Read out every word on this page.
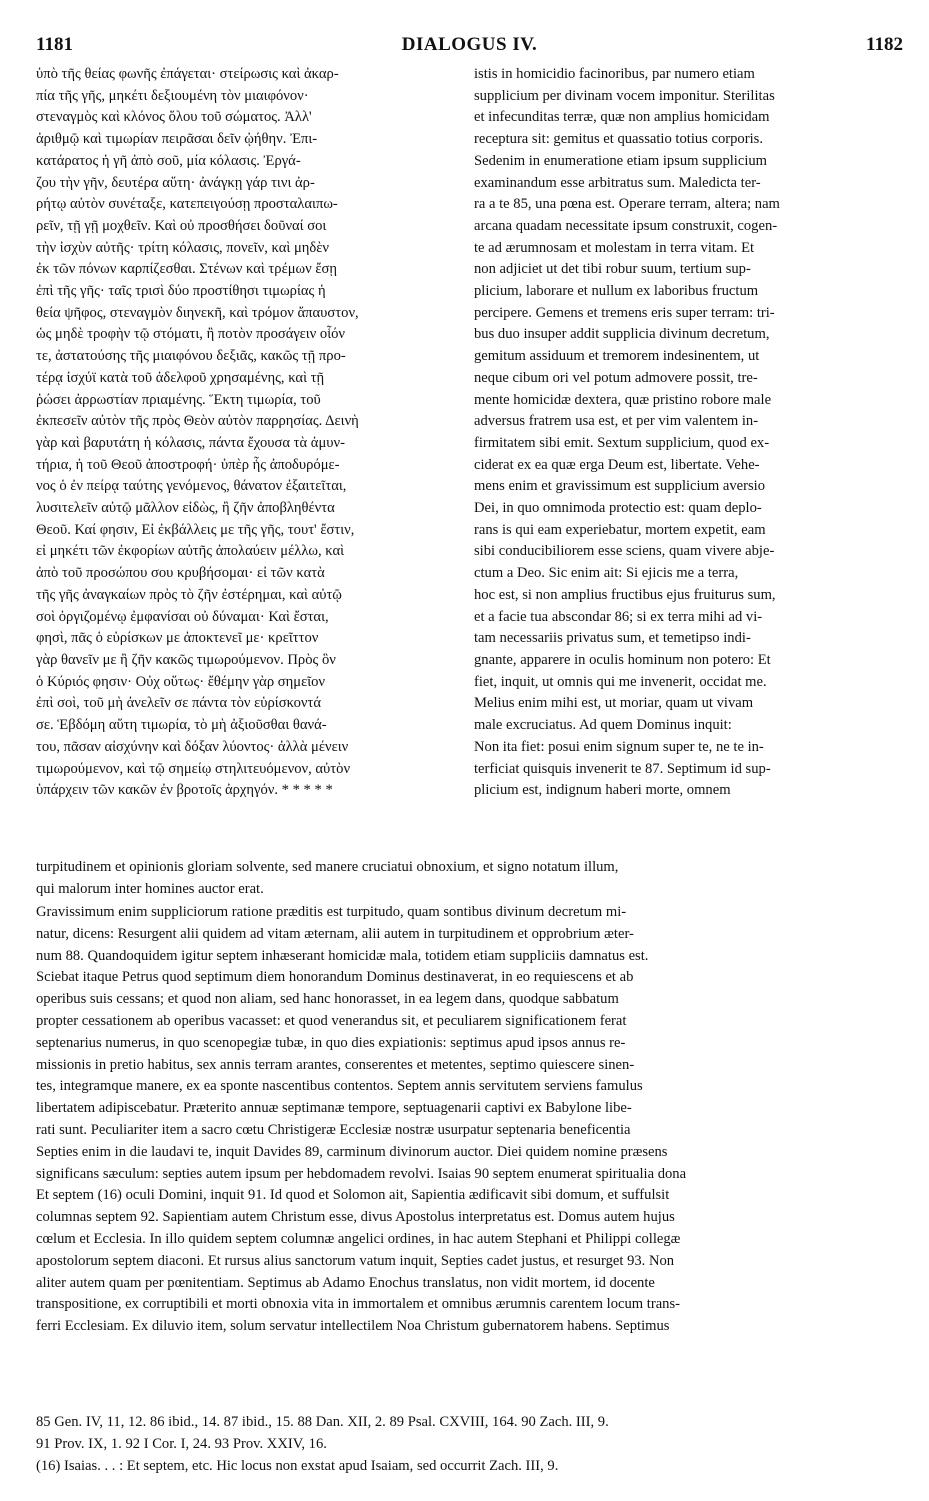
1181	DIALOGUS IV.	1182
ὑπὸ τῆς θείας φωνῆς ἐπάγεται· στείρωσις καὶ ἀκαρ-
πία τῆς γῆς, μηκέτι δεξιουμένη τὸν μιαιφόνον·
στεναγμὸς καὶ κλόνος ὅλου τοῦ σώματος. Ἀλλ'
ἀριθμῷ καὶ τιμωρίαν πειρᾶσαι δεῖν ᾠήθην. Ἐπι-
κατάρατος ἡ γῆ ἀπὸ σοῦ, μία κόλασις. Ἐργά-
ζου τὴν γῆν, δευτέρα αὕτη· ἀνάγκῃ γάρ τινι ἀρ-
ρήτῳ αὐτὸν συνέταξε, κατεπειγούσῃ προσταλαιπω-
ρεῖν, τῇ γῇ μοχθεῖν. Καὶ οὐ προσθήσει δοῦναί σοι
τὴν ἰσχὺν αὐτῆς· τρίτη κόλασις, πονεῖν, καὶ μηδὲν
ἐκ τῶν πόνων καρπίζεσθαι. Στένων καὶ τρέμων ἔσῃ
ἐπὶ τῆς γῆς· ταῖς τρισὶ δύο προστίθησι τιμωρίας ἡ
θεία ψῆφος, στεναγμὸν διηνεκῆ, καὶ τρόμον ἄπαυστον,
ὡς μηδὲ τροφὴν τῷ στόματι, ἢ ποτὸν προσάγειν οἷόν
τε, ἀστατούσης τῆς μιαιφόνου δεξιᾶς, κακῶς τῇ προ-
τέρᾳ ἰσχύϊ κατὰ τοῦ ἀδελφοῦ χρησαμένης, καὶ τῇ
ῥώσει ἀρρωστίαν πριαμένης. Ἕκτη τιμωρία, τοῦ
ἐκπεσεῖν αὐτὸν τῆς πρὸς Θεὸν αὐτὸν παρρησίας. Δεινὴ
γὰρ καὶ βαρυτάτη ἡ κόλασις, πάντα ἔχουσα τὰ ἀμυν-
τήρια, ἡ τοῦ Θεοῦ ἀποστροφή· ὑπὲρ ἧς ἀποδυρόμε-
νος ὁ ἐν πείρᾳ ταύτης γενόμενος, θάνατον ἐξαιτεῖται,
λυσιτελεῖν αὐτῷ μᾶλλον εἰδὼς, ἢ ζῆν ἀποβληθέντα
Θεοῦ. Καί φησιν, Εἰ ἐκβάλλεις με τῆς γῆς, τουτ' ἔστιν,
εἰ μηκέτι τῶν ἐκφορίων αὐτῆς ἀπολαύειν μέλλω, καὶ
ἀπὸ τοῦ προσώπου σου κρυβήσομαι· εἰ τῶν κατὰ
τῆς γῆς ἀναγκαίων πρὸς τὸ ζῆν ἐστέρημαι, καὶ αὐτῷ
σοὶ ὀργιζομένῳ ἐμφανίσαι οὐ δύναμαι· Καὶ ἔσται,
φησὶ, πᾶς ὁ εὑρίσκων με ἀποκτενεῖ με· κρεῖττον
γὰρ θανεῖν με ἢ ζῆν κακῶς τιμωρούμενον. Πρὸς ὃν
ὁ Κύριός φησιν· Οὐχ οὕτως· ἔθέμην γὰρ σημεῖον
ἐπὶ σοὶ, τοῦ μὴ ἀνελεῖν σε πάντα τὸν εὑρίσκοντά
σε. Ἑβδόμη αὕτη τιμωρία, τὸ μὴ ἀξιοῦσθαι θανά-
του, πᾶσαν αἰσχύνην καὶ δόξαν λύοντος· ἀλλὰ μένειν
τιμωρούμενον, καὶ τῷ σημείῳ στηλιτευόμενον, αὐτὸν
ὑπάρχειν τῶν κακῶν ἐν βροτοῖς ἀρχηγόν. * * * * *
istis in homicidio facinoribus, par numero etiam
supplicium per divinam vocem imponitur. Sterilitas
et infecunditas terræ, quæ non amplius homicidam
receptura sit: gemitus et quassatio totius corporis.
Sedenim in enumeratione etiam ipsum supplicium
examinandum esse arbitratus sum. Maledicta ter-
ra a te 85, una pœna est. Operare terram, altera; nam
arcana quadam necessitate ipsum construxit, cogen-
te ad ærumnosam et molestam in terra vitam. Et
non adjiciet ut det tibi robur suum, tertium sup-
plicium, laborare et nullum ex laboribus fructum
percipere. Gemens et tremens eris super terram: tri-
bus duo insuper addit supplicia divinum decretum,
gemitum assiduum et tremorem indesinentem, ut
neque cibum ori vel potum admovere possit, tre-
mente homicidæ dextera, quæ pristino robore male
adversus fratrem usa est, et per vim valentem in-
firmitatem sibi emit. Sextum supplicium, quod ex-
ciderat ex ea quæ erga Deum est, libertate. Vehe-
mens enim et gravissimum est supplicium aversio
Dei, in quo omnimoda protectio est: quam deplo-
rans is qui eam experiebatur, mortem expetit, eam
sibi conducibiliorem esse sciens, quam vivere abje-
ctum a Deo. Sic enim ait: Si ejicis me a terra,
hoc est, si non amplius fructibus ejus fruiturus sum,
et a facie tua abscondar 86; si ex terra mihi ad vi-
tam necessariis privatus sum, et temetipso indi-
gnante, apparere in oculis hominum non potero: Et
fiet, inquit, ut omnis qui me invenerit, occidat me.
Melius enim mihi est, ut moriar, quam ut vivam
male excruciatus. Ad quem Dominus inquit:
Non ita fiet: posui enim signum super te, ne te in-
terficiat quisquis invenerit te 87. Septimum id sup-
plicium est, indignum haberi morte, omnem
turpitudinem et opinionis gloriam solvente, sed manere cruciatui obnoxium, et signo notatum illum,
qui malorum inter homines auctor erat.
Gravissimum enim suppliciorum ratione præditis est turpitudo, quam sontibus divinum decretum mi-
natur, dicens: Resurgent alii quidem ad vitam æternam, alii autem in turpitudinem et opprobrium æter-
num 88. Quandoquidem igitur septem inhæserant homicidæ mala, totidem etiam suppliciis damnatus est.
Sciebat itaque Petrus quod septimum diem honorandum Dominus destinaverat, in eo requiescens et ab
operibus suis cessans; et quod non aliam, sed hanc honorasset, in ea legem dans, quodque sabbatum
propter cessationem ab operibus vacasset: et quod venerandus sit, et peculiarem significationem ferat
septenarius numerus, in quo scenopegiæ tubæ, in quo dies expiationis: septimus apud ipsos annus re-
missionis in pretio habitus, sex annis terram arantes, conserentes et metentes, septimo quiescere sinen-
tes, integramque manere, ex ea sponte nascentibus contentos. Septem annis servitutem serviens famulus
libertatem adipiscebatur. Præterito annuæ septimanæ tempore, septuagenarii captivi ex Babylone libe-
rati sunt. Peculiariter item a sacro cœtu Christigeræ Ecclesiæ nostræ usurpatur septenaria beneficentia
Septies enim in die laudavi te, inquit Davides 89, carminum divinorum auctor. Diei quidem nomine præsens
significans sæculum: septies autem ipsum per hebdomadem revolvi. Isaias 90 septem enumerat spiritualia dona
Et septem (16) oculi Domini, inquit 91. Id quod et Solomon ait, Sapientia ædificavit sibi domum, et suffulsit
columnas septem 92. Sapientiam autem Christum esse, divus Apostolus interpretatus est. Domus autem hujus
cœlum et Ecclesia. In illo quidem septem columnæ angelici ordines, in hac autem Stephani et Philippi collegæ
apostolorum septem diaconi. Et rursus alius sanctorum vatum inquit, Septies cadet justus, et resurget 93. Non
aliter autem quam per pœnitentiam. Septimus ab Adamo Enochus translatus, non vidit mortem, id docente
transpositione, ex corruptibili et morti obnoxia vita in immortalem et omnibus ærumnis carentem locum trans-
ferri Ecclesiam. Ex diluvio item, solum servatur intellectilem Noa Christum gubernatorem habens. Septimus
85 Gen. IV, 11, 12. 86 ibid., 14. 87 ibid., 15. 88 Dan. XII, 2. 89 Psal. CXVIII, 164. 90 Zach. III, 9.
91 Prov. IX, 1. 92 I Cor. I, 24. 93 Prov. XXIV, 16.
(16) Isaias. . . : Et septem, etc. Hic locus non exstat apud Isaiam, sed occurrit Zach. III, 9.
